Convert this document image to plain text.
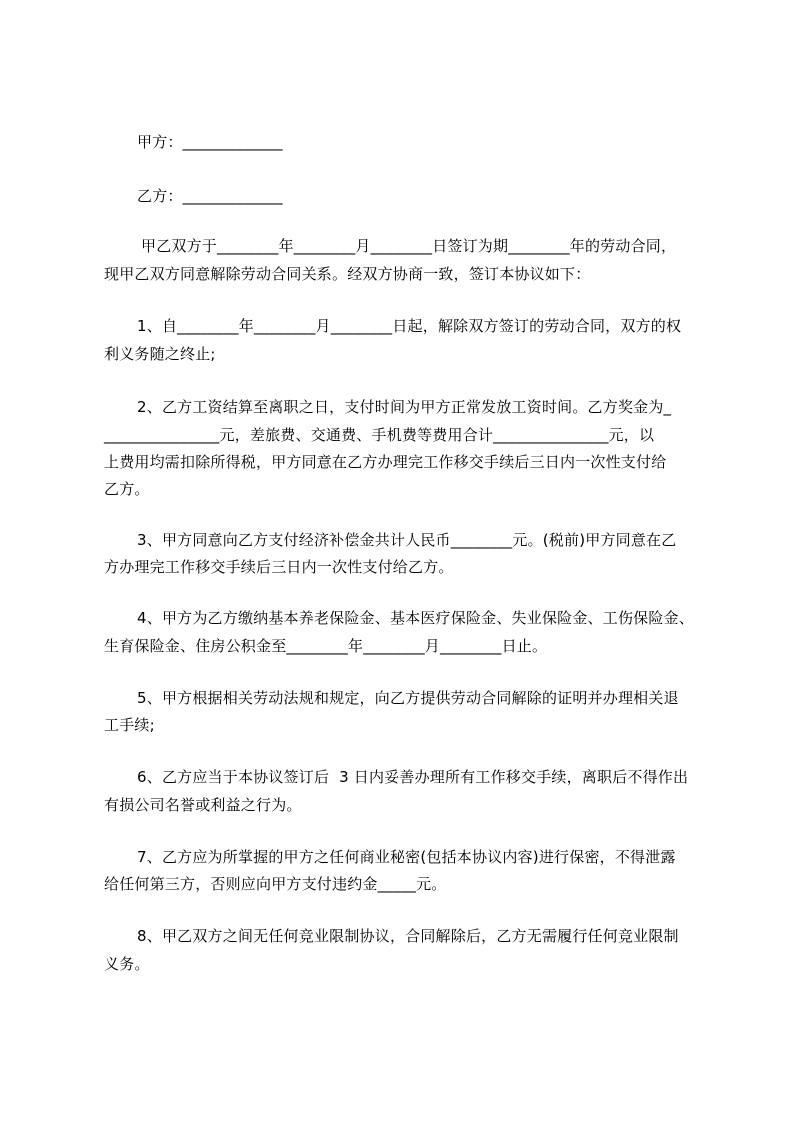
甲方：_____________
乙方：_____________
甲乙双方于________年________月________日签订为期________年的劳动合同，
现甲乙双方同意解除劳动合同关系。经双方协商一致，签订本协议如下：
1、自________年________月________日起，解除双方签订的劳动合同，双方的权
利义务随之终止;
2、乙方工资结算至离职之日，支付时间为甲方正常发放工资时间。乙方奖金为_
_______________元，差旅费、交通费、手机费等费用合计_______________元，以
上费用均需扣除所得税，甲方同意在乙方办理完工作移交手续后三日内一次性支付给
乙方。
3、甲方同意向乙方支付经济补偿金共计人民币________元。(税前)甲方同意在乙
方办理完工作移交手续后三日内一次性支付给乙方。
4、甲方为乙方缴纳基本养老保险金、基本医疗保险金、失业保险金、工伤保险金、
生育保险金、住房公积金至________年________月________日止。
5、甲方根据相关劳动法规和规定，向乙方提供劳动合同解除的证明并办理相关退
工手续;
6、乙方应当于本协议签订后  3 日内妥善办理所有工作移交手续，离职后不得作出
有损公司名誉或利益之行为。
7、乙方应为所掌握的甲方之任何商业秘密(包括本协议内容)进行保密，不得泄露
给任何第三方，否则应向甲方支付违约金_____元。
8、甲乙双方之间无任何竞业限制协议，合同解除后，乙方无需履行任何竞业限制
义务。
